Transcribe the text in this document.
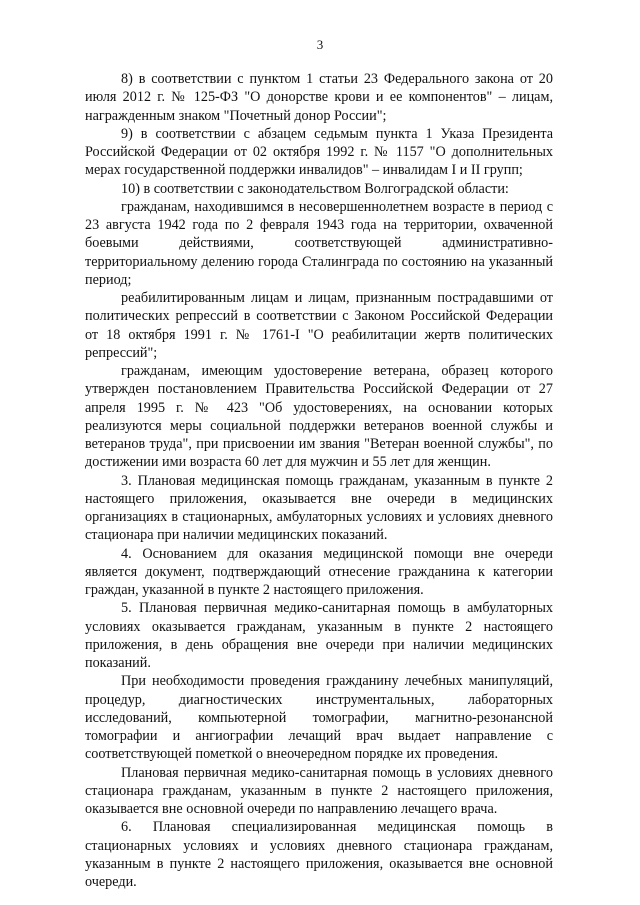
3

8) в соответствии с пунктом 1 статьи 23 Федерального закона от 20 июля 2012 г. № 125-ФЗ "О донорстве крови и ее компонентов" – лицам, награжденным знаком "Почетный донор России";

9) в соответствии с абзацем седьмым пункта 1 Указа Президента Российской Федерации от 02 октября 1992 г. № 1157 "О дополнительных мерах государственной поддержки инвалидов" – инвалидам I и II групп;

10) в соответствии с законодательством Волгоградской области:

гражданам, находившимся в несовершеннолетнем возрасте в период с 23 августа 1942 года по 2 февраля 1943 года на территории, охваченной боевыми действиями, соответствующей административно-территориальному делению города Сталинграда по состоянию на указанный период;

реабилитированным лицам и лицам, признанным пострадавшими от политических репрессий в соответствии с Законом Российской Федерации от 18 октября 1991 г. № 1761-I "О реабилитации жертв политических репрессий";

гражданам, имеющим удостоверение ветерана, образец которого утвержден постановлением Правительства Российской Федерации от 27 апреля 1995 г. № 423 "Об удостоверениях, на основании которых реализуются меры социальной поддержки ветеранов военной службы и ветеранов труда", при присвоении им звания "Ветеран военной службы", по достижении ими возраста 60 лет для мужчин и 55 лет для женщин.

3. Плановая медицинская помощь гражданам, указанным в пункте 2 настоящего приложения, оказывается вне очереди в медицинских организациях в стационарных, амбулаторных условиях и условиях дневного стационара при наличии медицинских показаний.

4. Основанием для оказания медицинской помощи вне очереди является документ, подтверждающий отнесение гражданина к категории граждан, указанной в пункте 2 настоящего приложения.

5. Плановая первичная медико-санитарная помощь в амбулаторных условиях оказывается гражданам, указанным в пункте 2 настоящего приложения, в день обращения вне очереди при наличии медицинских показаний.

При необходимости проведения гражданину лечебных манипуляций, процедур, диагностических инструментальных, лабораторных исследований, компьютерной томографии, магнитно-резонансной томографии и ангиографии лечащий врач выдает направление с соответствующей пометкой о внеочередном порядке их проведения.

Плановая первичная медико-санитарная помощь в условиях дневного стационара гражданам, указанным в пункте 2 настоящего приложения, оказывается вне основной очереди по направлению лечащего врача.

6. Плановая специализированная медицинская помощь в стационарных условиях и условиях дневного стационара гражданам, указанным в пункте 2 настоящего приложения, оказывается вне основной очереди.
